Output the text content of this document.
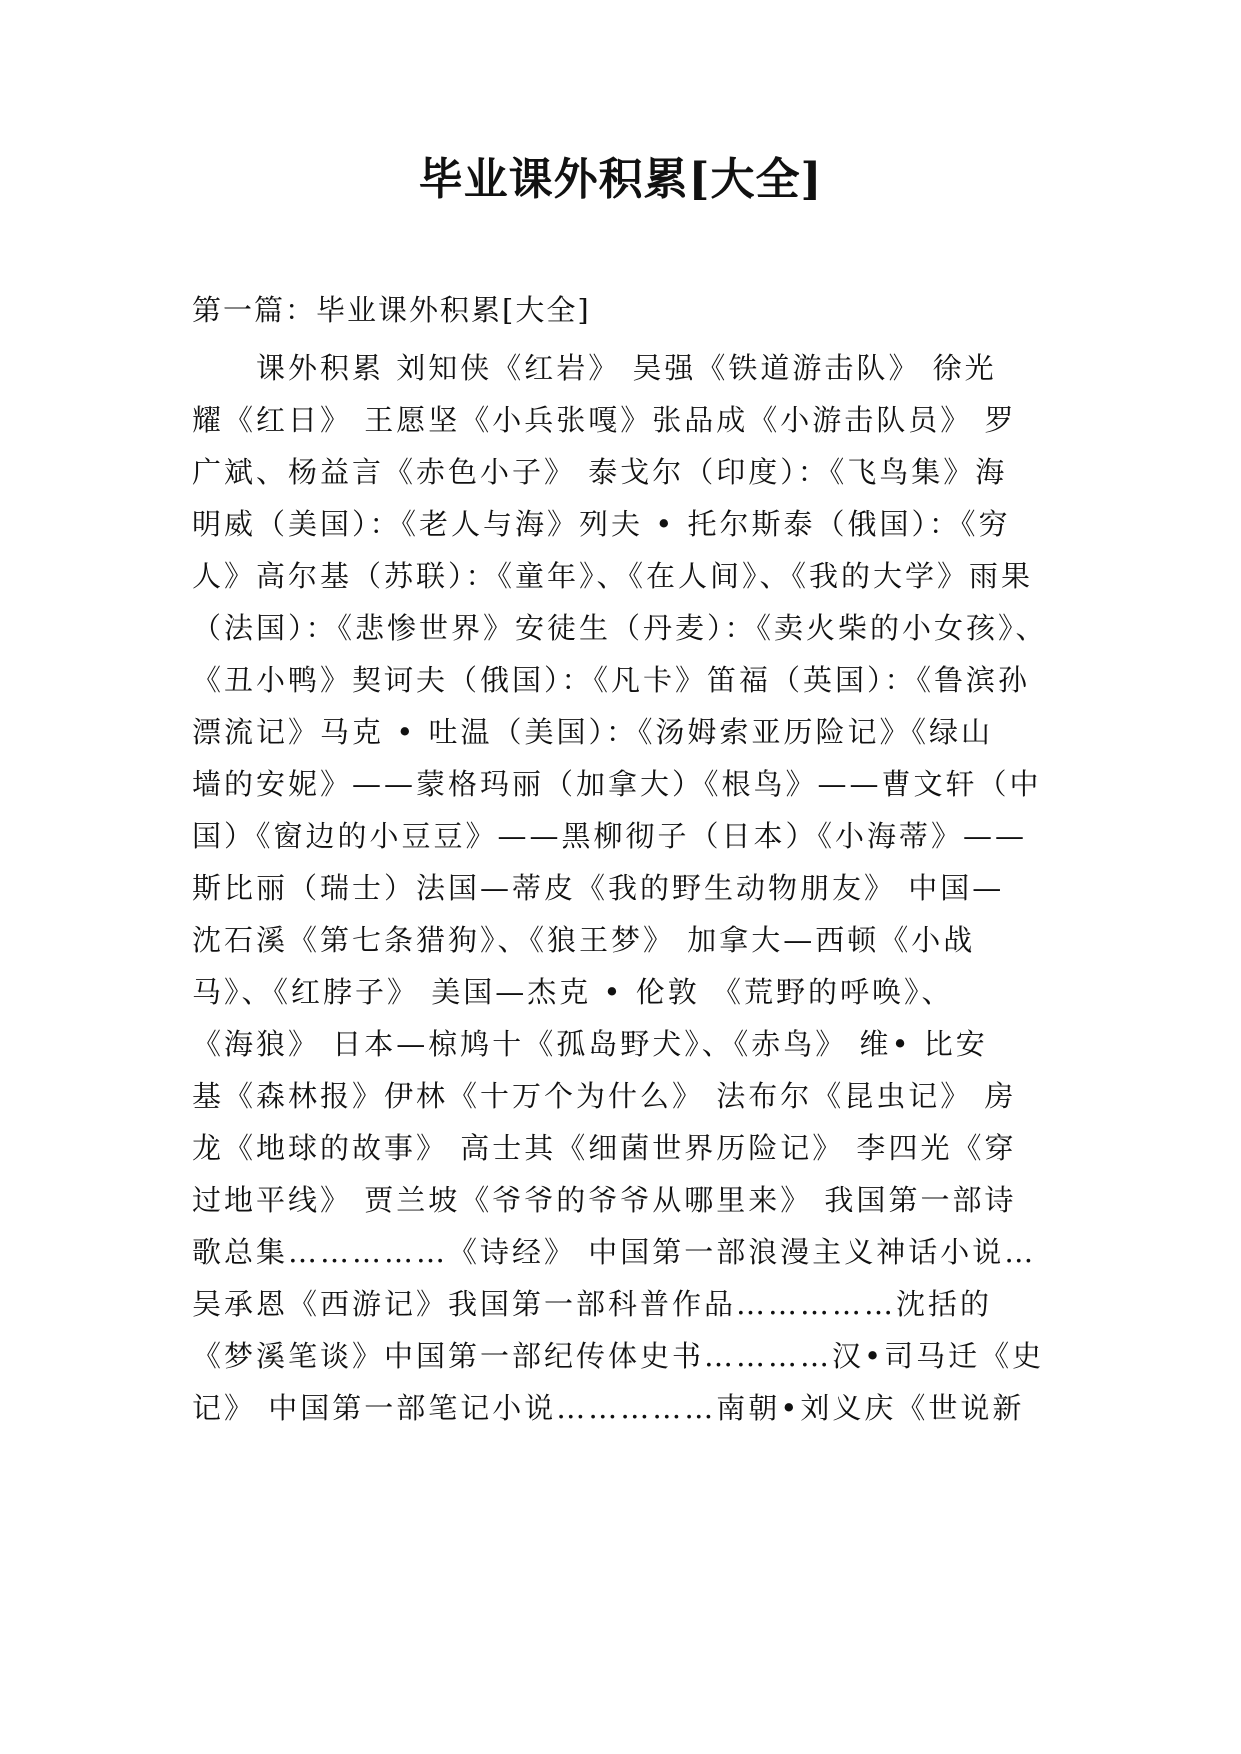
毕业课外积累[大全]

第一篇：毕业课外积累[大全]

　　课外积累 刘知侠《红岩》 吴强《铁道游击队》 徐光
耀《红日》 王愿坚《小兵张嘎》张品成《小游击队员》 罗
广斌、杨益言《赤色小子》 泰戈尔（印度）：《飞鸟集》海
明威（美国）：《老人与海》列夫 • 托尔斯泰（俄国）：《穷
人》高尔基（苏联）：《童年》、《在人间》、《我的大学》雨果
（法国）：《悲惨世界》安徒生（丹麦）：《卖火柴的小女孩》、
《丑小鸭》契诃夫（俄国）：《凡卡》笛福（英国）：《鲁滨孙
漂流记》马克 • 吐温（美国）：《汤姆索亚历险记》《绿山
墙的安妮》——蒙格玛丽（加拿大）《根鸟》——曹文轩（中
国）《窗边的小豆豆》——黑柳彻子（日本）《小海蒂》——
斯比丽（瑞士）法国—蒂皮《我的野生动物朋友》 中国—
沈石溪《第七条猎狗》、《狼王梦》 加拿大—西顿《小战
马》、《红脖子》 美国—杰克 • 伦敦 《荒野的呼唤》、
《海狼》 日本—椋鸠十《孤岛野犬》、《赤鸟》 维• 比安
基《森林报》伊林《十万个为什么》 法布尔《昆虫记》 房
龙《地球的故事》 高士其《细菌世界历险记》 李四光《穿
过地平线》 贾兰坡《爷爷的爷爷从哪里来》 我国第一部诗
歌总集……………《诗经》 中国第一部浪漫主义神话小说…
吴承恩《西游记》我国第一部科普作品……………沈括的
《梦溪笔谈》中国第一部纪传体史书…………汉•司马迁《史
记》 中国第一部笔记小说……………南朝•刘义庆《世说新
